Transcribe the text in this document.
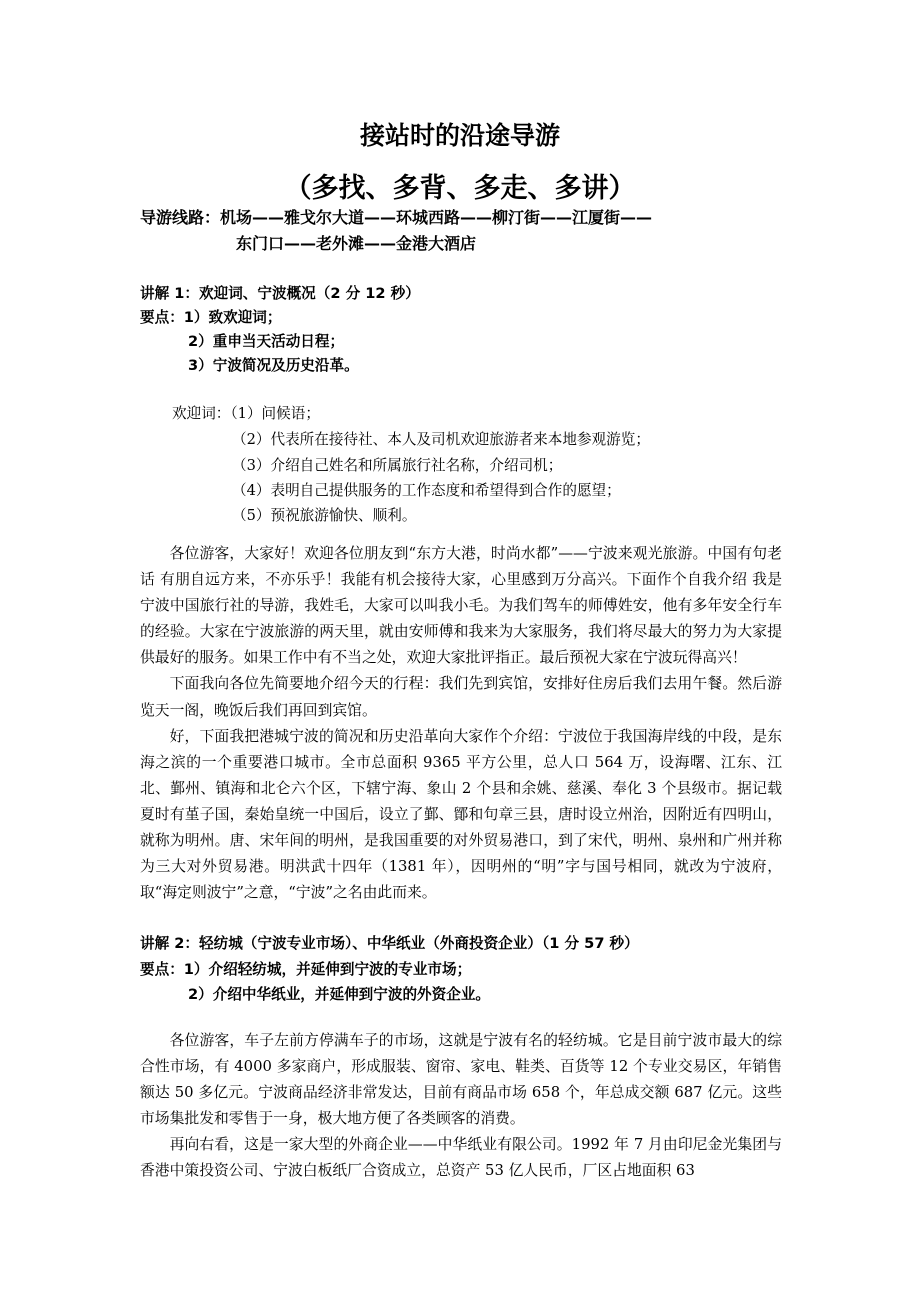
接站时的沿途导游
（多找、多背、多走、多讲）
导游线路：机场——雅戈尔大道——环城西路——柳汀街——江厦街——
东门口——老外滩——金港大酒店
讲解 1：欢迎词、宁波概况（2 分 12 秒）
要点：1）致欢迎词；
2）重申当天活动日程；
3）宁波简况及历史沿革。
欢迎词：（1）问候语；
（2）代表所在接待社、本人及司机欢迎旅游者来本地参观游览；
（3）介绍自己姓名和所属旅行社名称，介绍司机；
（4）表明自己提供服务的工作态度和希望得到合作的愿望；
（5）预祝旅游愉快、顺利。

各位游客，大家好！欢迎各位朋友到“东方大港，时尚水都”——宁波来观光旅游。中国有句老话 有朋自远方来，不亦乐乎！我能有机会接待大家，心里感到万分高兴。下面作个自我介绍 我是宁波中国旅行社的导游，我姓毛，大家可以叫我小毛。为我们驾车的师傅姓安，他有多年安全行车的经验。大家在宁波旅游的两天里，就由安师傅和我来为大家服务，我们将尽最大的努力为大家提供最好的服务。如果工作中有不当之处，欢迎大家批评指正。最后预祝大家在宁波玩得高兴！

下面我向各位先简要地介绍今天的行程：我们先到宾馆，安排好住房后我们去用午餐。然后游览天一阁，晚饭后我们再回到宾馆。

好，下面我把港城宁波的简况和历史沿革向大家作个介绍：宁波位于我国海岸线的中段，是东海之滨的一个重要港口城市。全市总面积 9365 平方公里，总人口 564 万，设海曙、江东、江北、鄞州、镇海和北仑六个区，下辖宁海、象山 2 个县和余姚、慈溪、奉化 3 个县级市。据记载 夏时有堇子国，秦始皇统一中国后，设立了鄞、鄮和句章三县，唐时设立州治，因附近有四明山，就称为明州。唐、宋年间的明州，是我国重要的对外贸易港口，到了宋代，明州、泉州和广州并称为三大对外贸易港。明洪武十四年（1381 年），因明州的“明”字与国号相同，就改为宁波府，取“海定则波宁”之意，“宁波”之名由此而来。

讲解 2：轻纺城（宁波专业市场）、中华纸业（外商投资企业）（1 分 57 秒）
要点：1）介绍轻纺城，并延伸到宁波的专业市场；
2）介绍中华纸业，并延伸到宁波的外资企业。

各位游客，车子左前方停满车子的市场，这就是宁波有名的轻纺城。它是目前宁波市最大的综合性市场，有 4000 多家商户，形成服装、窗帘、家电、鞋类、百货等 12 个专业交易区，年销售额达 50 多亿元。宁波商品经济非常发达，目前有商品市场 658 个，年总成交额 687 亿元。这些市场集批发和零售于一身，极大地方便了各类顾客的消费。

再向右看，这是一家大型的外商企业——中华纸业有限公司。1992 年 7 月由印尼金光集团与香港中策投资公司、宁波白板纸厂合资成立，总资产 53 亿人民币，厂区占地面积 63
